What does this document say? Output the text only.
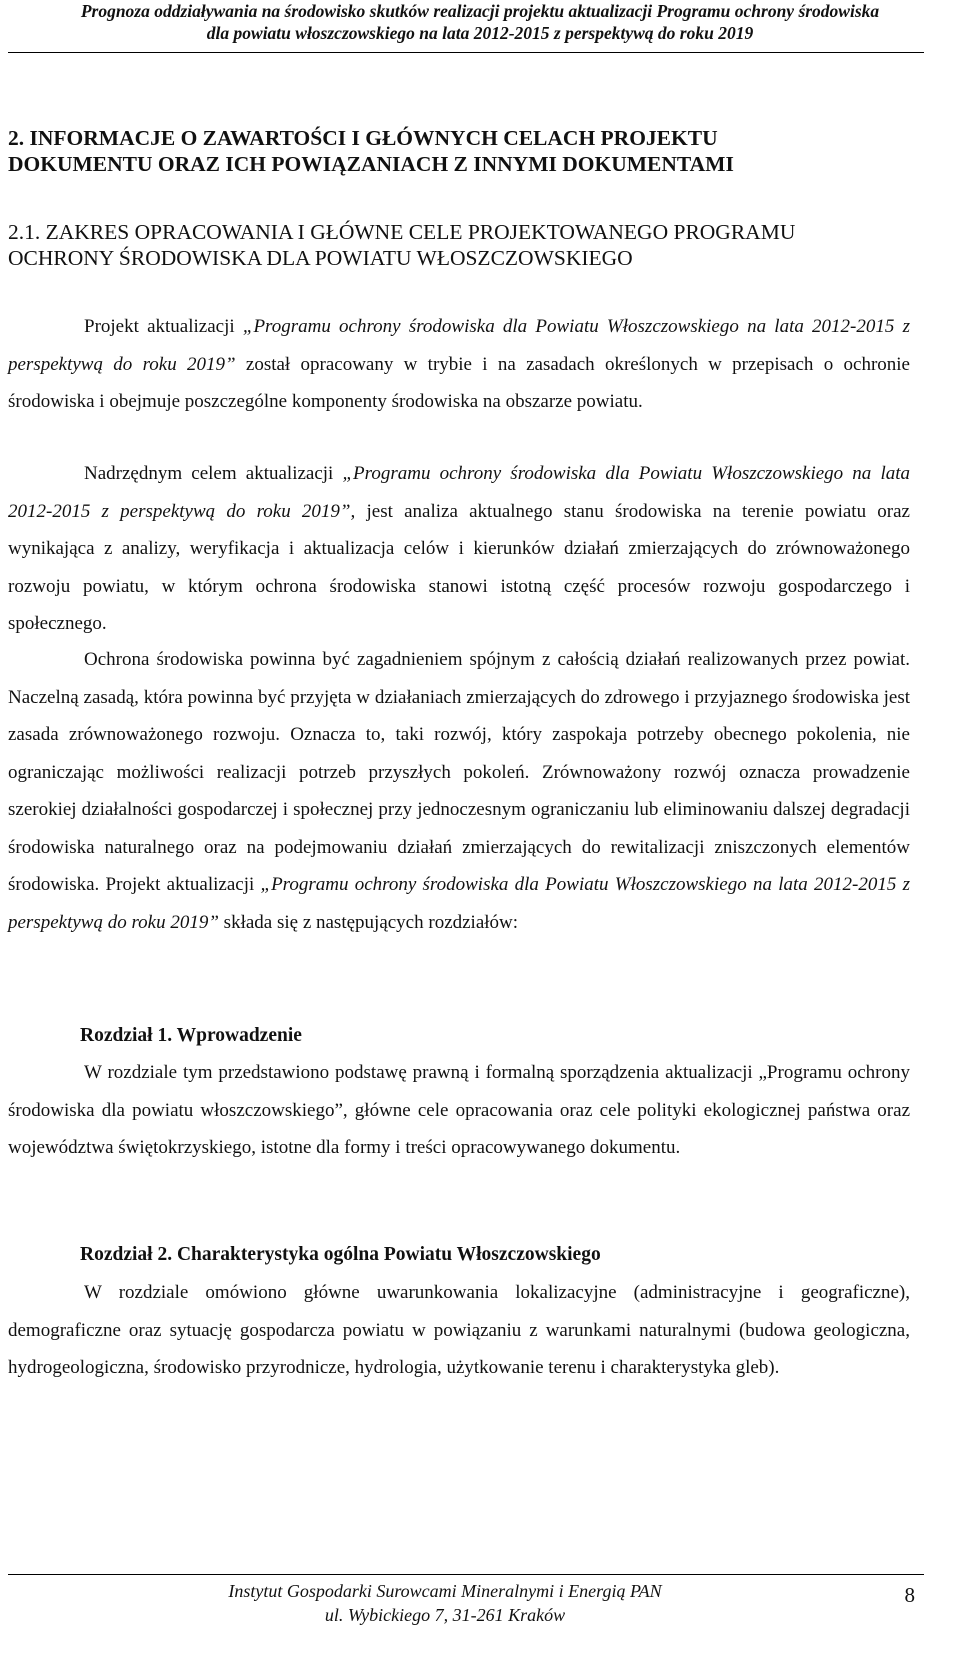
Prognoza oddziaływania na środowisko skutków realizacji projektu aktualizacji Programu ochrony środowiska
dla powiatu włoszczowskiego na lata 2012-2015 z perspektywą do roku 2019
2. INFORMACJE O ZAWARTOŚCI I GŁÓWNYCH CELACH PROJEKTU
DOKUMENTU ORAZ ICH POWIĄZANIACH Z INNYMI DOKUMENTAMI
2.1. ZAKRES OPRACOWANIA I GŁÓWNE CELE PROJEKTOWANEGO PROGRAMU
OCHRONY ŚRODOWISKA DLA POWIATU WŁOSZCZOWSKIEGO

Projekt aktualizacji „Programu ochrony środowiska dla Powiatu Włoszczowskiego na lata 2012-2015 z perspektywą do roku 2019” został opracowany w trybie i na zasadach określonych w przepisach o ochronie środowiska i obejmuje poszczególne komponenty środowiska na obszarze powiatu.

Nadrzędnym celem aktualizacji „Programu ochrony środowiska dla Powiatu Włoszczowskiego na lata 2012-2015 z perspektywą do roku 2019”, jest analiza aktualnego stanu środowiska na terenie powiatu oraz wynikająca z analizy, weryfikacja i aktualizacja celów i kierunków działań zmierzających do zrównoważonego rozwoju powiatu, w którym ochrona środowiska stanowi istotną część procesów rozwoju gospodarczego i społecznego.

Ochrona środowiska powinna być zagadnieniem spójnym z całością działań realizowanych przez powiat. Naczelną zasadą, która powinna być przyjęta w działaniach zmierzających do zdrowego i przyjaznego środowiska jest zasada zrównoważonego rozwoju. Oznacza to, taki rozwój, który zaspokaja potrzeby obecnego pokolenia, nie ograniczając możliwości realizacji potrzeb przyszłych pokoleń. Zrównoważony rozwój oznacza prowadzenie szerokiej działalności gospodarczej i społecznej przy jednoczesnym ograniczaniu lub eliminowaniu dalszej degradacji środowiska naturalnego oraz na podejmowaniu działań zmierzających do rewitalizacji zniszczonych elementów środowiska. Projekt aktualizacji „Programu ochrony środowiska dla Powiatu Włoszczowskiego na lata 2012-2015 z perspektywą do roku 2019” składa się z następujących rozdziałów:

Rozdział 1. Wprowadzenie

W rozdziale tym przedstawiono podstawę prawną i formalną sporządzenia aktualizacji „Programu ochrony środowiska dla powiatu włoszczowskiego”, główne cele opracowania oraz cele polityki ekologicznej państwa oraz województwa świętokrzyskiego, istotne dla formy i treści opracowywanego dokumentu.

Rozdział 2. Charakterystyka ogólna Powiatu Włoszczowskiego

W rozdziale omówiono główne uwarunkowania lokalizacyjne (administracyjne i geograficzne), demograficzne oraz sytuację gospodarcza powiatu w powiązaniu z warunkami naturalnymi (budowa geologiczna, hydrogeologiczna, środowisko przyrodnicze, hydrologia, użytkowanie terenu i charakterystyka gleb).

Instytut Gospodarki Surowcami Mineralnymi i Energią PAN
ul. Wybickiego 7, 31-261 Kraków
8
